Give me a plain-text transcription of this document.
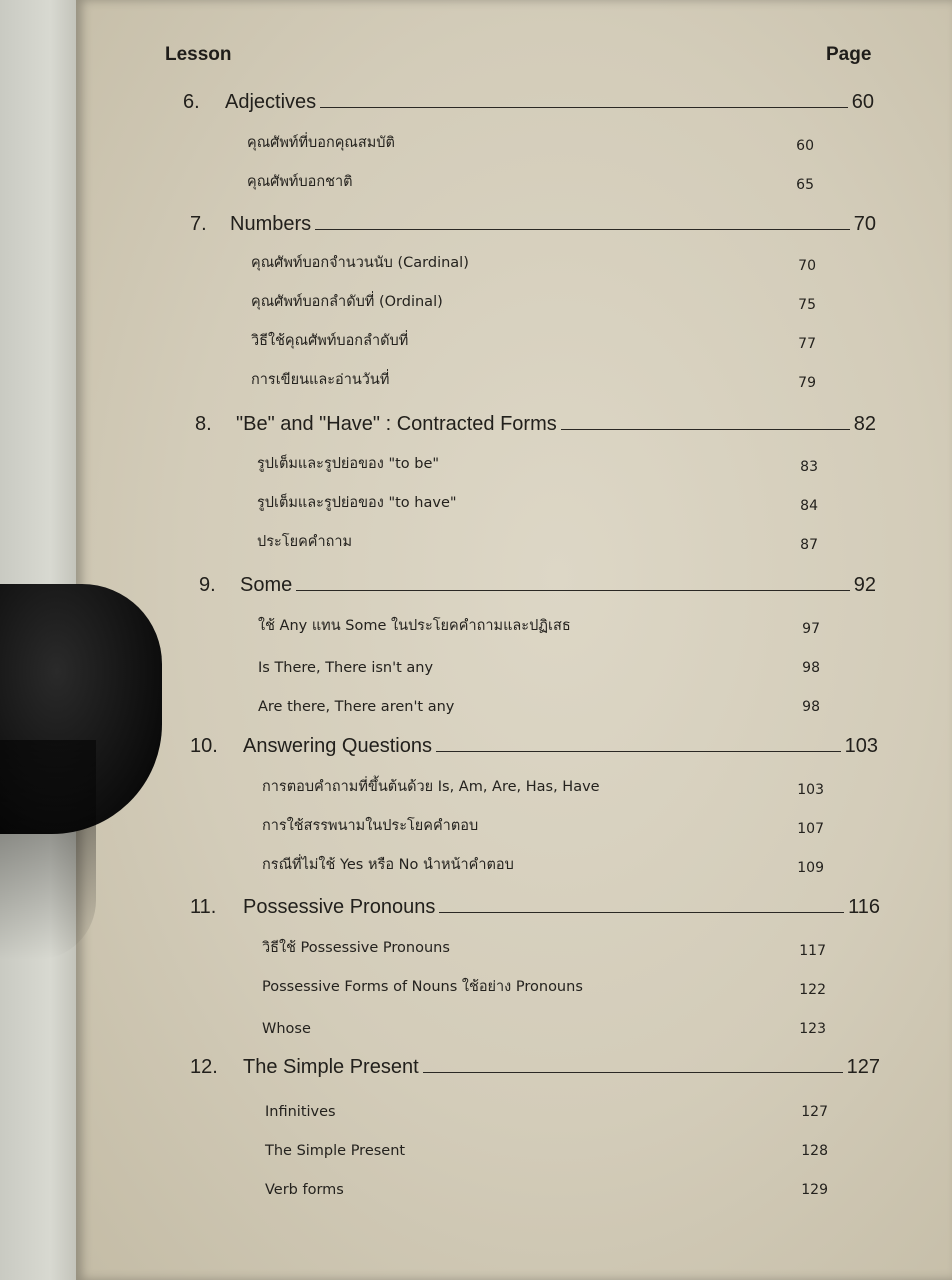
Lesson	Page
6.	Adjectives	60
คุณศัพท์ที่บอกคุณสมบัติ	60
คุณศัพท์บอกชาติ	65
7.	Numbers	70
คุณศัพท์บอกจำนวนนับ (Cardinal)	70
คุณศัพท์บอกลำดับที่ (Ordinal)	75
วิธีใช้คุณศัพท์บอกลำดับที่	77
การเขียนและอ่านวันที่	79
8.	"Be" and "Have" : Contracted Forms	82
รูปเต็มและรูปย่อของ "to be"	83
รูปเต็มและรูปย่อของ "to have"	84
ประโยคคำถาม	87
9.	Some	92
ใช้ Any แทน Some ในประโยคคำถามและปฏิเสธ	97
Is There, There isn't any	98
Are there, There aren't any	98
10.	Answering Questions	103
การตอบคำถามที่ขึ้นต้นด้วย Is, Am, Are, Has, Have	103
การใช้สรรพนามในประโยคคำตอบ	107
กรณีที่ไม่ใช้ Yes หรือ No นำหน้าคำตอบ	109
11.	Possessive Pronouns	116
วิธีใช้ Possessive Pronouns	117
Possessive Forms of Nouns ใช้อย่าง Pronouns	122
Whose	123
12.	The Simple Present	127
Infinitives	127
The Simple Present	128
Verb forms	129
